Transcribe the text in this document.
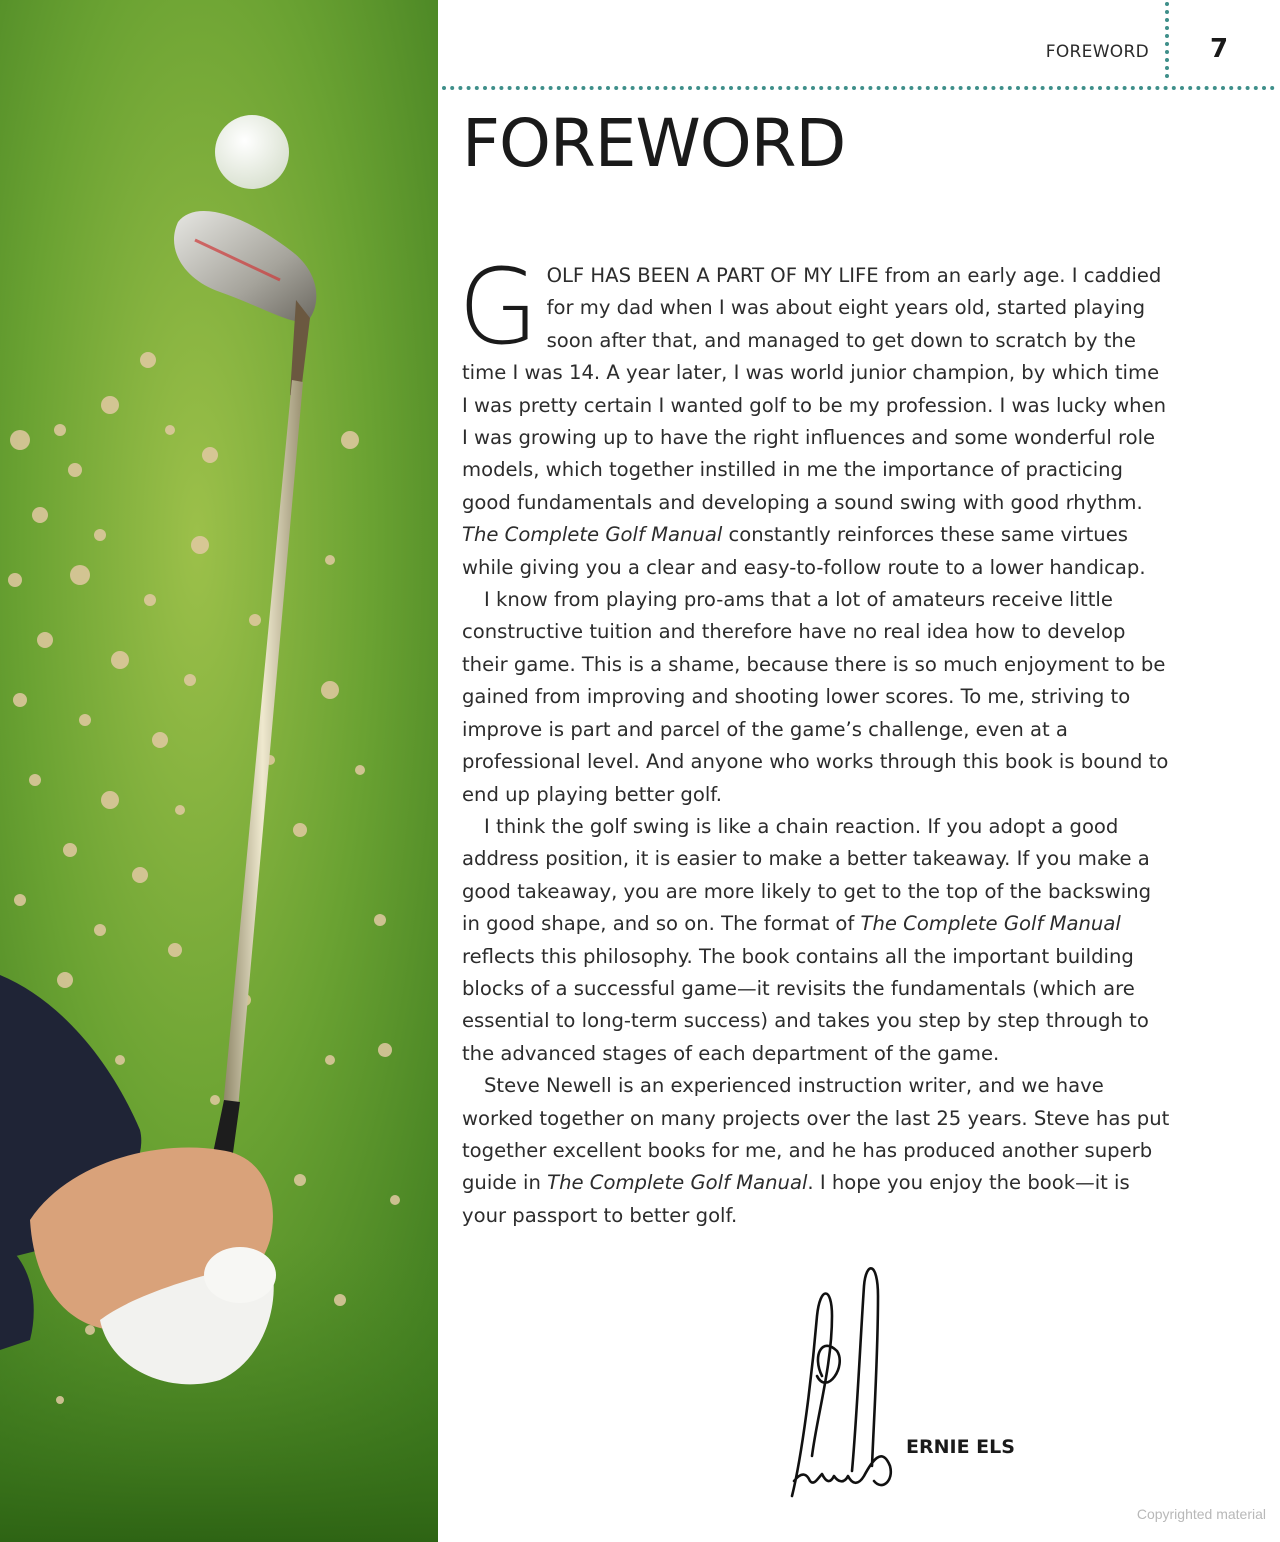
FOREWORD 7
FOREWORD

GOLF HAS BEEN A PART OF MY LIFE from an early age. I caddied for my dad when I was about eight years old, started playing soon after that, and managed to get down to scratch by the time I was 14. A year later, I was world junior champion, by which time I was pretty certain I wanted golf to be my profession. I was lucky when I was growing up to have the right influences and some wonderful role models, which together instilled in me the importance of practicing good fundamentals and developing a sound swing with good rhythm. The Complete Golf Manual constantly reinforces these same virtues while giving you a clear and easy-to-follow route to a lower handicap.

I know from playing pro-ams that a lot of amateurs receive little constructive tuition and therefore have no real idea how to develop their game. This is a shame, because there is so much enjoyment to be gained from improving and shooting lower scores. To me, striving to improve is part and parcel of the game’s challenge, even at a professional level. And anyone who works through this book is bound to end up playing better golf.

I think the golf swing is like a chain reaction. If you adopt a good address position, it is easier to make a better takeaway. If you make a good takeaway, you are more likely to get to the top of the backswing in good shape, and so on. The format of The Complete Golf Manual reflects this philosophy. The book contains all the important building blocks of a successful game—it revisits the fundamentals (which are essential to long-term success) and takes you step by step through to the advanced stages of each department of the game.

Steve Newell is an experienced instruction writer, and we have worked together on many projects over the last 25 years. Steve has put together excellent books for me, and he has produced another superb guide in The Complete Golf Manual. I hope you enjoy the book—it is your passport to better golf.

ERNIE ELS
Copyrighted material
